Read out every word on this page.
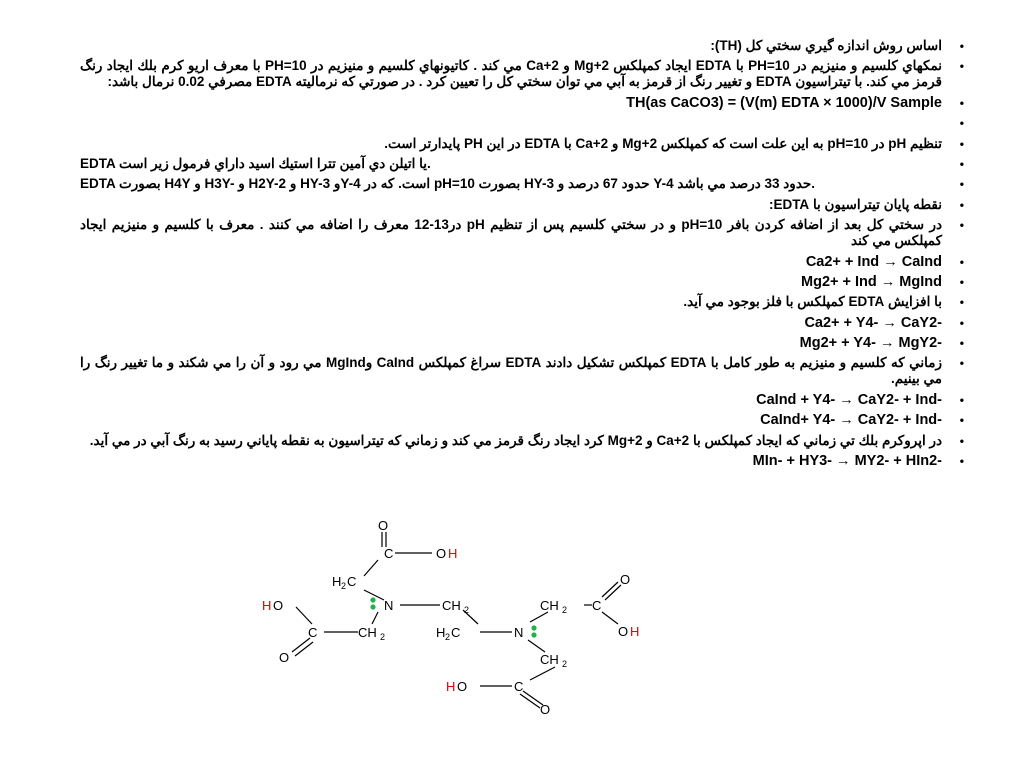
•
اساس روش اندازه گيري سختي كل (TH):
•
نمكهاي كلسيم و منيزيم در PH=10 با EDTA ايجاد كمپلكس Mg+2 و Ca+2 مي كند . كاتيونهاي كلسيم و منيزيم در PH=10 با معرف اريو كرم بلك ايجاد رنگ قرمز مي كند. با تيتراسيون EDTA و تغيير رنگ از قرمز به آبي مي توان سختي كل را تعيين كرد . در صورتي كه نرماليته EDTA مصرفي 0.02 نرمال باشد:
•
TH(as CaCO3) = (V(m) EDTA × 1000)/V Sample
•
•
تنظيم pH در pH=10 به اين علت است كه كمپلكس Mg+2 و Ca+2 با EDTA در اين PH پايدارتر است.
•
EDTA يا اتيلن دي آمين تترا استيك اسيد داراي فرمول زير است.
•
EDTA بصورت H4Y و H3Y- و H2Y-2 و HY-3 وY-4 است. كه در pH=10 بصورت HY-3 حدود 67 درصد و Y-4 حدود 33 درصد مي باشد.
•
نقطه پايان تيتراسيون با EDTA:
•
در سختي كل بعد از اضافه كردن بافر pH=10 و در سختي كلسيم پس از تنظيم pH در13-12 معرف را اضافه مي كنند . معرف با كلسيم و منيزيم ايجاد كمپلكس مي كند
•
Ca2+ + Ind → CaInd
•
Mg2+ + Ind → MgInd
•
با افزايش EDTA كمپلكس با فلز بوجود مي آيد.
•
Ca2+ + Y4- → CaY2-
•
Mg2+ + Y4- → MgY2-
•
زماني كه كلسيم و منيزيم به طور كامل با EDTA كمپلكس تشكيل دادند EDTA سراغ كمپلكس CaInd وMgInd مي رود و آن را مي شكند و ما تغيير رنگ را مي بينيم.
•
CaInd + Y4- → CaY2- + Ind-
•
CaInd+ Y4- → CaY2- + Ind-
•
در اپروكرم بلك تي زماني كه ايجاد كمپلكس با Ca+2 و Mg+2 كرد ايجاد رنگ قرمز مي كند و زماني كه تيتراسيون به نقطه پاياني رسيد به رنگ آبي در مي آيد.
•
MIn- + HY3- → MY2- + HIn2-
O
C	O H
H 2 C
N	CH 2
CH 2	H 2 C	N
H O
C
O
CH 2 C
O
O H
CH 2
H O	C
O
